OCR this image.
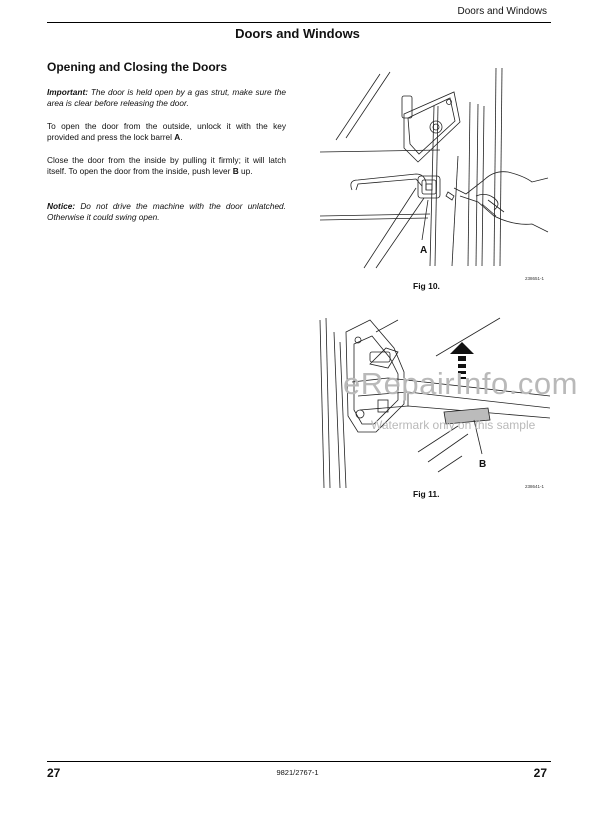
Doors and Windows
Doors and Windows
Opening and Closing the Doors

Important: The door is held open by a gas strut, make sure the area is clear before releasing the door.

To open the door from the outside, unlock it with the key provided and press the lock barrel A.

Close the door from the inside by pulling it firmly; it will latch itself. To open the door from the inside, push lever B up.

Notice: Do not drive the machine with the door unlatched. Otherwise it could swing open.

A
238651-1
Fig 10.
B
238641-1
Fig 11.
eRepairInfo.com
Watermark only on this sample
27	9821/2767-1	27
